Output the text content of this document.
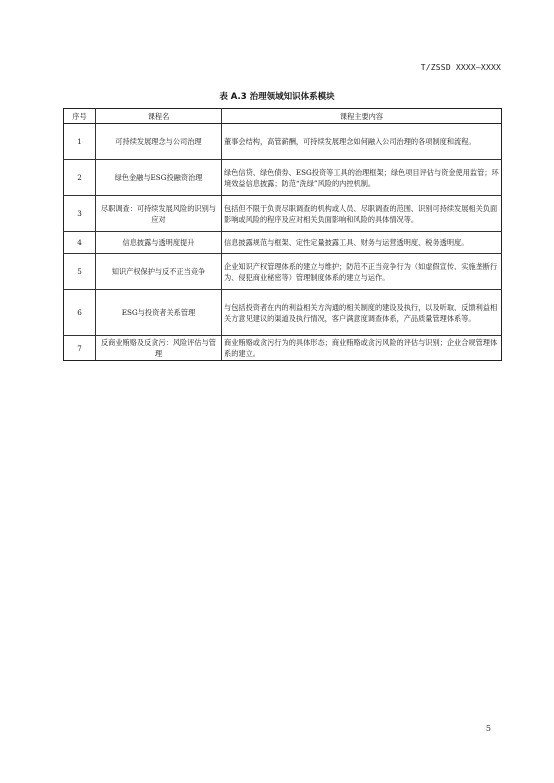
T/ZSSD XXXX—XXXX
表 A.3 治理领域知识体系模块
序号	课程名	课程主要内容
1	可持续发展理念与公司治理	董事会结构，高管薪酬，可持续发展理念如何融入公司治理的各项制度和流程。
2	绿色金融与ESG投融资治理	绿色信贷、绿色债券、ESG投资等工具的治理框架；绿色项目评估与资金使用监管；环境效益信息披露；防范“洗绿”风险的内控机制。
3	尽职调查：可持续发展风险的识别与应对	包括但不限于负责尽职调查的机构或人员、尽职调查的范围、识别可持续发展相关负面影响或风险的程序及应对相关负面影响和风险的具体情况等。
4	信息披露与透明度提升	信息披露规范与框架、定性定量披露工具、财务与运营透明度、税务透明度。
5	知识产权保护与反不正当竞争	企业知识产权管理体系的建立与维护；防范不正当竞争行为（如虚假宣传、实施垄断行为、侵犯商业秘密等）管理制度体系的建立与运作。
6	ESG与投资者关系管理	与包括投资者在内的利益相关方沟通的相关制度的建设及执行，以及听取、反馈利益相关方意见建议的渠道及执行情况，客户满意度调查体系，产品质量管理体系等。
7	反商业贿赂及反贪污：风险评估与管理	商业贿赂或贪污行为的具体形态；商业贿赂或贪污风险的评估与识别；企业合规管理体系的建立。
5
